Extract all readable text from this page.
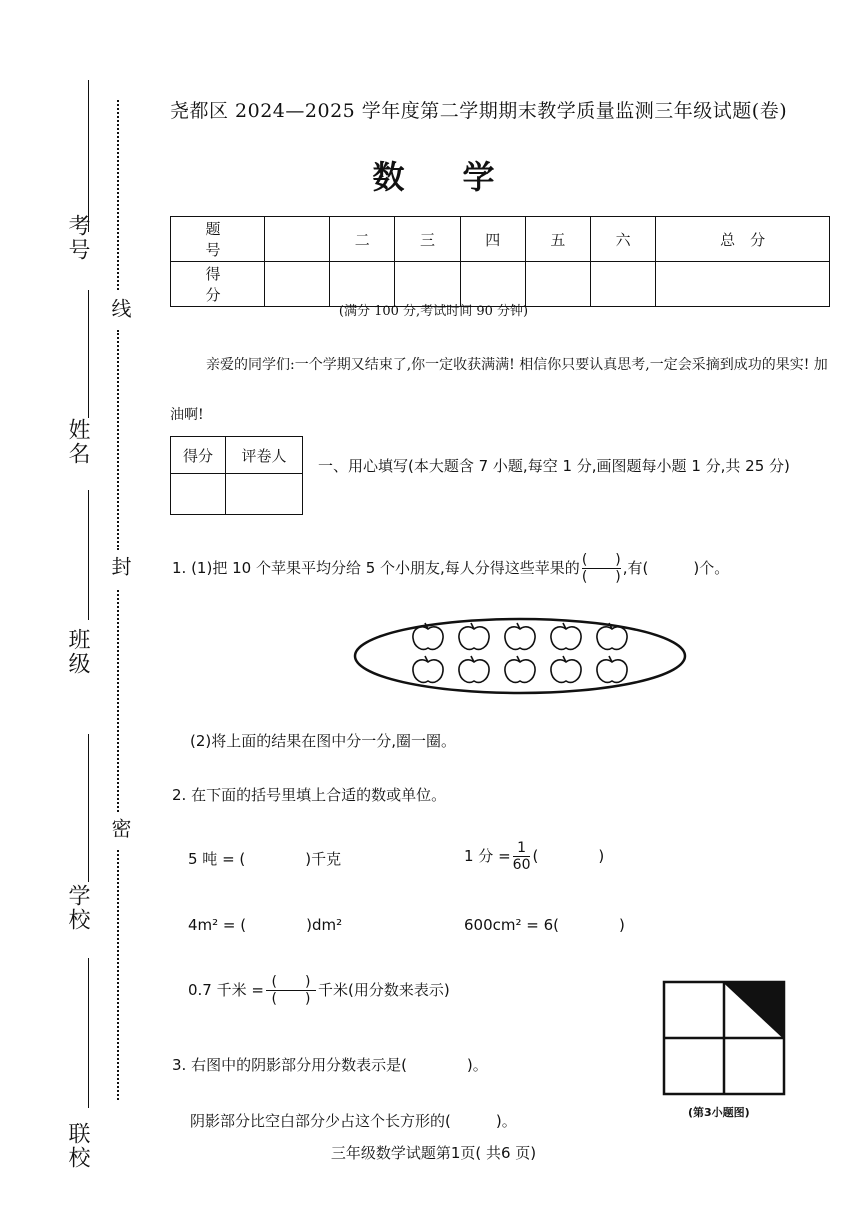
考号
姓名
班级
学校
联校
线
封
密
尧都区 2024—2025 学年度第二学期期末教学质量监测三年级试题(卷)
数学
题　号	一	二	三	四	五	六	总　分
得　分							
(满分 100 分,考试时间 90 分钟)
亲爱的同学们:一个学期又结束了,你一定收获满满! 相信你只要认真思考,一定会采摘到成功的果实! 加油啊!
得分	评卷人

一、用心填写(本大题含 7 小题,每空 1 分,画图题每小题 1 分,共 25 分)
1. (1)把 10 个苹果平均分给 5 个小朋友,每人分得这些苹果的 $\frac{( )}{( )}$ ,有(　　　)个。
(2)将上面的结果在图中分一分,圈一圈。
2. 在下面的括号里填上合适的数或单位。
5 吨 = (　　　　)千克	1 分 = $\frac{1}{60}$ (　　　　)
4m² = (　　　　)dm²	600cm² = 6(　　　　)
0.7 千米 = $\frac{( )}{( )}$ 千米(用分数来表示)
3. 右图中的阴影部分用分数表示是(　　　　)。
阴影部分比空白部分少占这个长方形的(　　　)。	(第3小题图)
三年级数学试题第1页( 共6 页)
